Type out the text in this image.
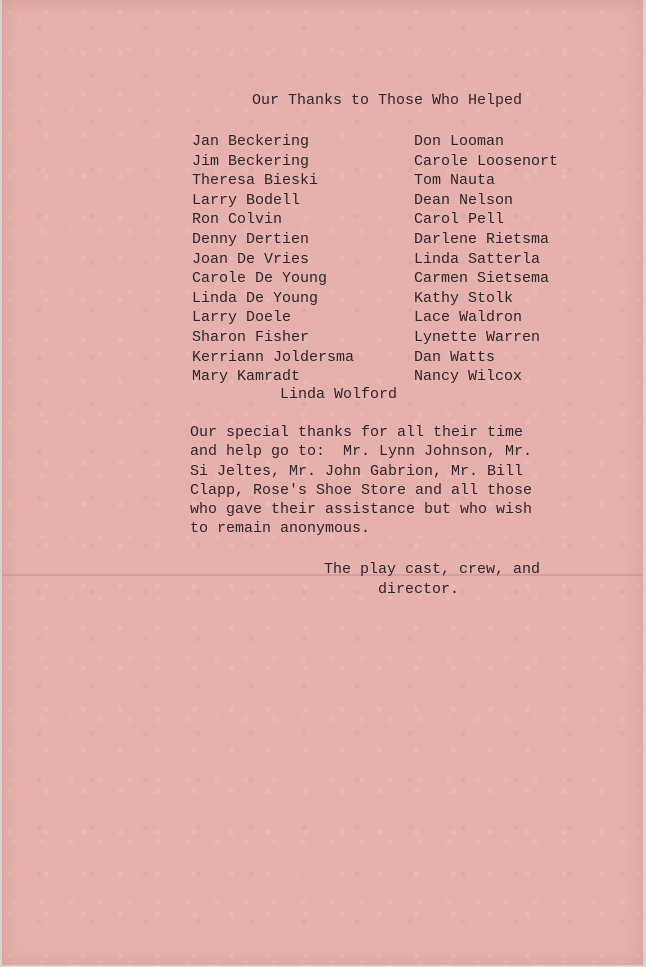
Our Thanks to Those Who Helped
Jan Beckering
Jim Beckering
Theresa Bieski
Larry Bodell
Ron Colvin
Denny Dertien
Joan De Vries
Carole De Young
Linda De Young
Larry Doele
Sharon Fisher
Kerriann Joldersma
Mary Kamradt
Don Looman
Carole Loosenort
Tom Nauta
Dean Nelson
Carol Pell
Darlene Rietsma
Linda Satterla
Carmen Sietsema
Kathy Stolk
Lace Waldron
Lynette Warren
Dan Watts
Nancy Wilcox
Linda Wolford

Our special thanks for all their time
and help go to:  Mr. Lynn Johnson, Mr.
Si Jeltes, Mr. John Gabrion, Mr. Bill
Clapp, Rose's Shoe Store and all those
who gave their assistance but who wish
to remain anonymous.

The play cast, crew, and
director.
